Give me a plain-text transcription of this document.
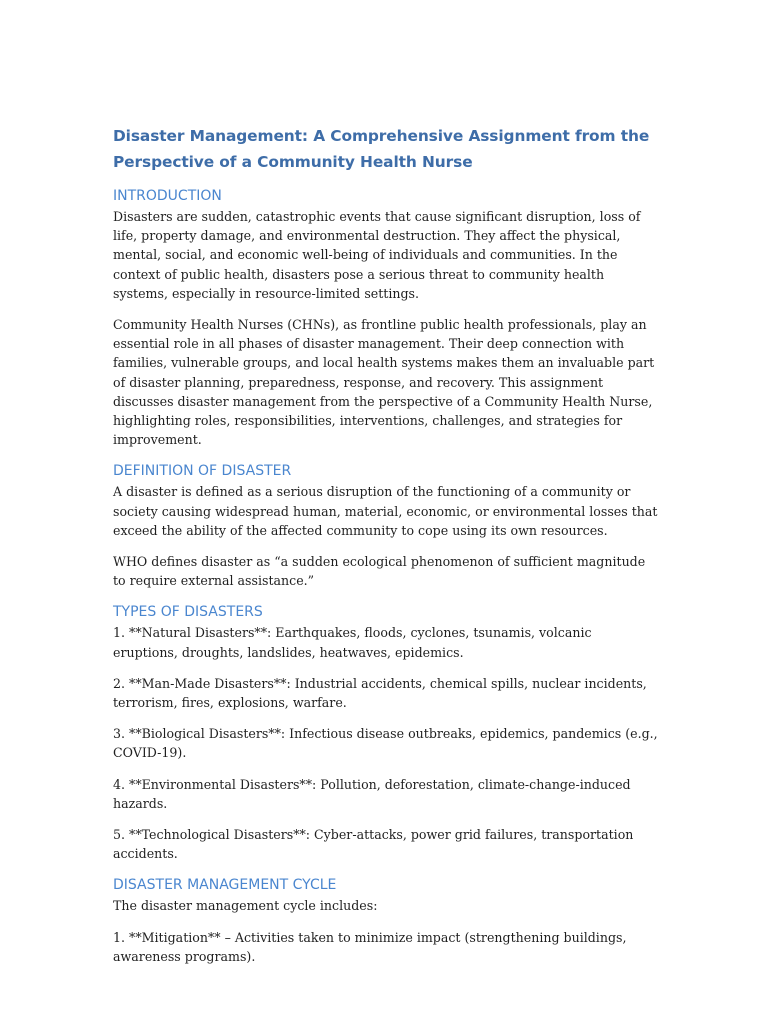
Disaster Management: A Comprehensive Assignment from the Perspective of a Community Health Nurse
INTRODUCTION

Disasters are sudden, catastrophic events that cause significant disruption, loss of life, property damage, and environmental destruction. They affect the physical, mental, social, and economic well-being of individuals and communities. In the context of public health, disasters pose a serious threat to community health systems, especially in resource-limited settings.

Community Health Nurses (CHNs), as frontline public health professionals, play an essential role in all phases of disaster management. Their deep connection with families, vulnerable groups, and local health systems makes them an invaluable part of disaster planning, preparedness, response, and recovery. This assignment discusses disaster management from the perspective of a Community Health Nurse, highlighting roles, responsibilities, interventions, challenges, and strategies for improvement.

DEFINITION OF DISASTER

A disaster is defined as a serious disruption of the functioning of a community or society causing widespread human, material, economic, or environmental losses that exceed the ability of the affected community to cope using its own resources.

WHO defines disaster as “a sudden ecological phenomenon of sufficient magnitude to require external assistance.”

TYPES OF DISASTERS

1. **Natural Disasters**: Earthquakes, floods, cyclones, tsunamis, volcanic eruptions, droughts, landslides, heatwaves, epidemics.

2. **Man-Made Disasters**: Industrial accidents, chemical spills, nuclear incidents, terrorism, fires, explosions, warfare.

3. **Biological Disasters**: Infectious disease outbreaks, epidemics, pandemics (e.g., COVID-19).

4. **Environmental Disasters**: Pollution, deforestation, climate-change-induced hazards.

5. **Technological Disasters**: Cyber-attacks, power grid failures, transportation accidents.

DISASTER MANAGEMENT CYCLE

The disaster management cycle includes:

1. **Mitigation** – Activities taken to minimize impact (strengthening buildings, awareness programs).
